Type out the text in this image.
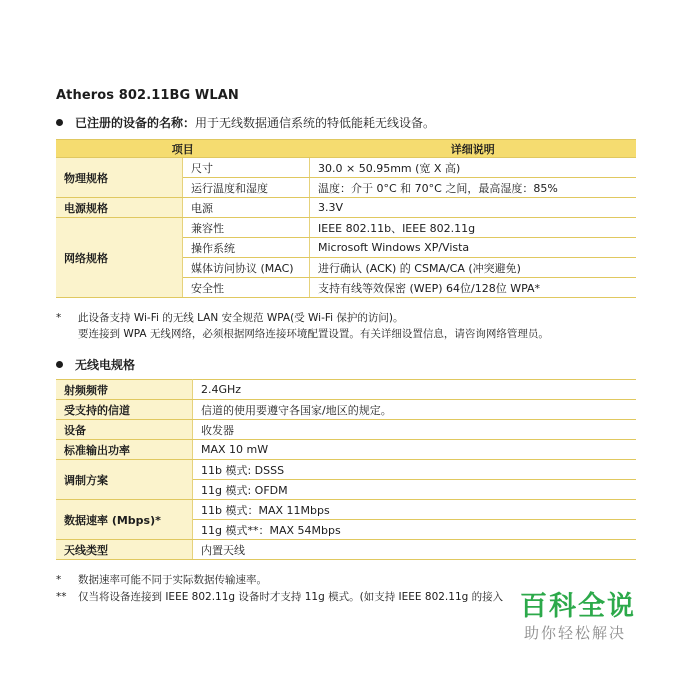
Atheros 802.11BG WLAN
已注册的设备的名称：用于无线数据通信系统的特低能耗无线设备。
项目		详细说明
物理规格	尺寸	30.0 × 50.95mm (宽 X 高)
	运行温度和湿度	温度：介于 0°C 和 70°C 之间，最高湿度：85%
电源规格	电源	3.3V
网络规格	兼容性	IEEE 802.11b、IEEE 802.11g
	操作系统	Microsoft Windows XP/Vista
	媒体访问协议 (MAC)	进行确认 (ACK) 的 CSMA/CA (冲突避免)
	安全性	支持有线等效保密 (WEP) 64位/128位 WPA*
* 此设备支持 Wi-Fi 的无线 LAN 安全规范 WPA(受 Wi-Fi 保护的访问)。
要连接到 WPA 无线网络，必须根据网络连接环境配置设置。有关详细设置信息，请咨询网络管理员。
无线电规格
射频频带	2.4GHz
受支持的信道	信道的使用要遵守各国家/地区的规定。
设备	收发器
标准输出功率	MAX 10 mW
调制方案	11b 模式: DSSS
	11g 模式: OFDM
数据速率 (Mbps)*	11b 模式：MAX 11Mbps
	11g 模式**：MAX 54Mbps
天线类型	内置天线
* 数据速率可能不同于实际数据传输速率。
** 仅当将设备连接到 IEEE 802.11g 设备时才支持 11g 模式。(如支持 IEEE 802.11g 的接入 百科全说
助你轻松解决
